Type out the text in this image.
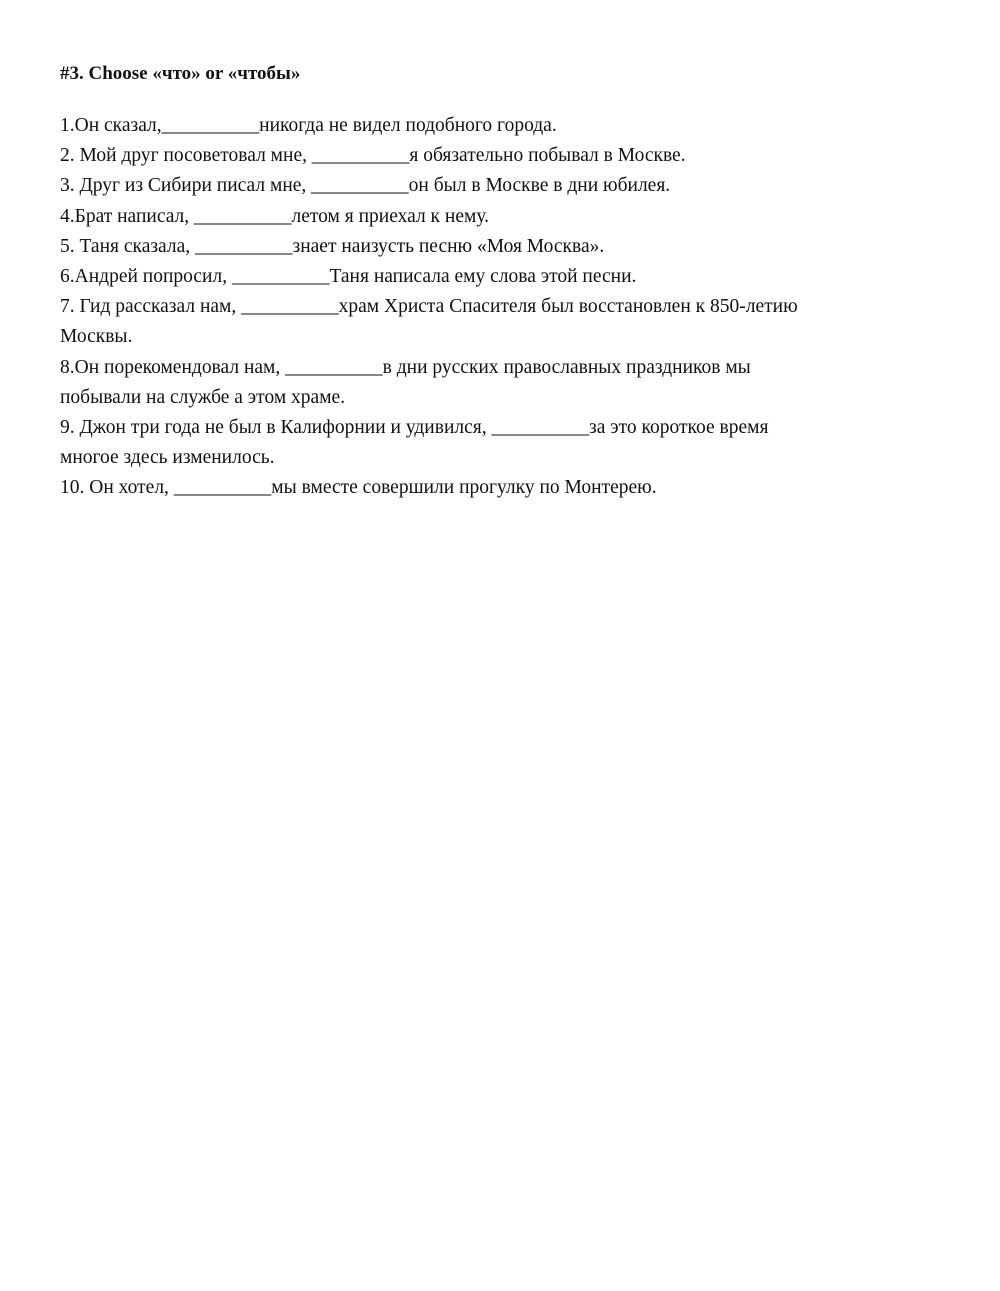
#3. Choose «что» or «чтобы»
1.Он сказал,__________никогда не видел подобного города.
2. Мой друг посоветовал мне, __________я обязательно побывал в Москве.
3. Друг из Сибири писал мне, __________он был в Москве в дни юбилея.
4.Брат написал, __________летом я приехал к нему.
5. Таня сказала, __________знает наизусть песню «Моя Москва».
6.Андрей попросил, __________Таня написала ему слова этой песни.
7. Гид рассказал нам, __________храм Христа Спасителя был восстановлен к 850-летию
Москвы.
8.Он порекомендовал нам, __________в дни русских православных праздников мы
побывали на службе а этом храме.
9. Джон три года не был в Калифорнии и удивился, __________за это короткое время
многое здесь изменилось.
10. Он хотел, __________мы вместе совершили прогулку по Монтерею.
